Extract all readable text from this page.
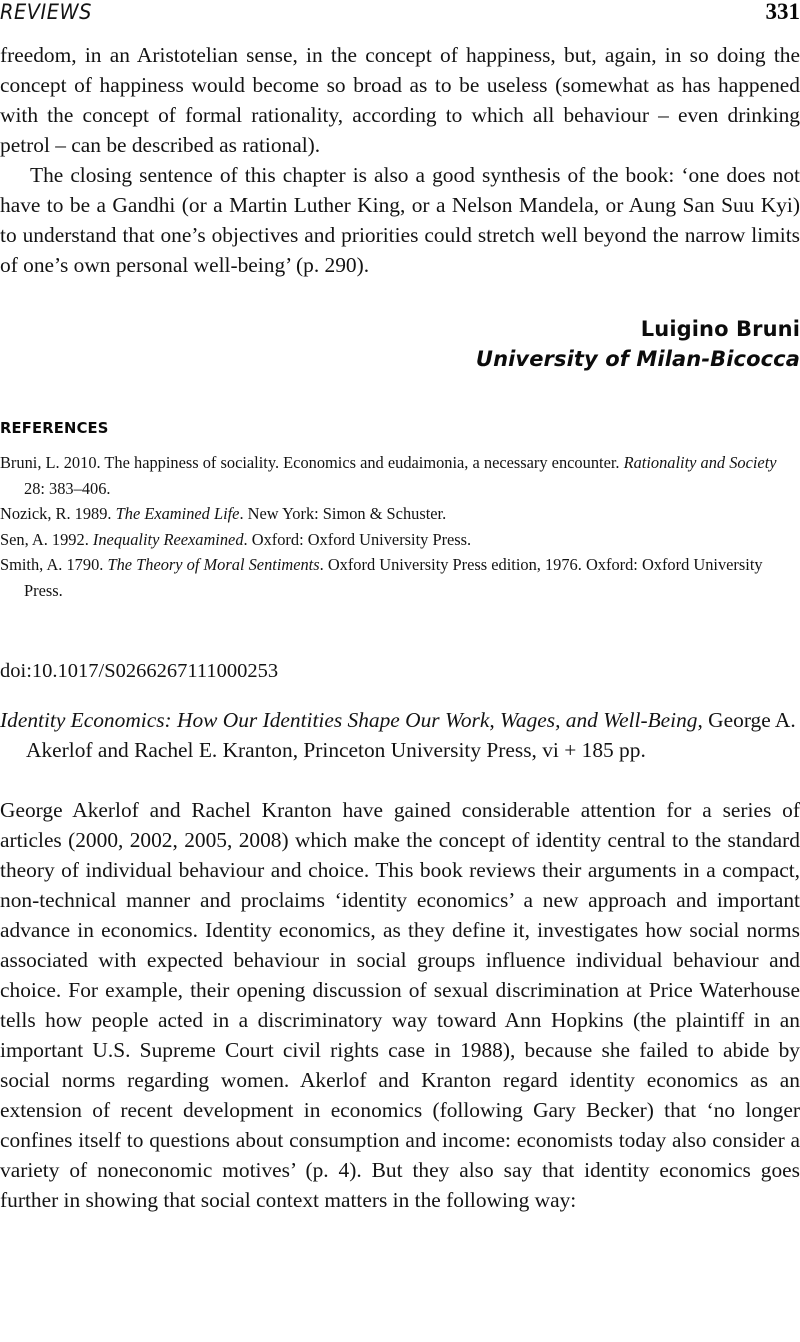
REVIEWS	331

freedom, in an Aristotelian sense, in the concept of happiness, but, again, in so doing the concept of happiness would become so broad as to be useless (somewhat as has happened with the concept of formal rationality, according to which all behaviour – even drinking petrol – can be described as rational).

The closing sentence of this chapter is also a good synthesis of the book: ‘one does not have to be a Gandhi (or a Martin Luther King, or a Nelson Mandela, or Aung San Suu Kyi) to understand that one’s objectives and priorities could stretch well beyond the narrow limits of one’s own personal well-being’ (p. 290).

Luigino Bruni
University of Milan-Bicocca
REFERENCES
Bruni, L. 2010. The happiness of sociality. Economics and eudaimonia, a necessary encounter. Rationality and Society 28: 383–406.
Nozick, R. 1989. The Examined Life. New York: Simon & Schuster.
Sen, A. 1992. Inequality Reexamined. Oxford: Oxford University Press.
Smith, A. 1790. The Theory of Moral Sentiments. Oxford University Press edition, 1976. Oxford: Oxford University Press.

doi:10.1017/S0266267111000253

Identity Economics: How Our Identities Shape Our Work, Wages, and Well-Being, George A. Akerlof and Rachel E. Kranton, Princeton University Press, vi + 185 pp.

George Akerlof and Rachel Kranton have gained considerable attention for a series of articles (2000, 2002, 2005, 2008) which make the concept of identity central to the standard theory of individual behaviour and choice. This book reviews their arguments in a compact, non-technical manner and proclaims ‘identity economics’ a new approach and important advance in economics. Identity economics, as they define it, investigates how social norms associated with expected behaviour in social groups influence individual behaviour and choice. For example, their opening discussion of sexual discrimination at Price Waterhouse tells how people acted in a discriminatory way toward Ann Hopkins (the plaintiff in an important U.S. Supreme Court civil rights case in 1988), because she failed to abide by social norms regarding women. Akerlof and Kranton regard identity economics as an extension of recent development in economics (following Gary Becker) that ‘no longer confines itself to questions about consumption and income: economists today also consider a variety of noneconomic motives’ (p. 4). But they also say that identity economics goes further in showing that social context matters in the following way:
